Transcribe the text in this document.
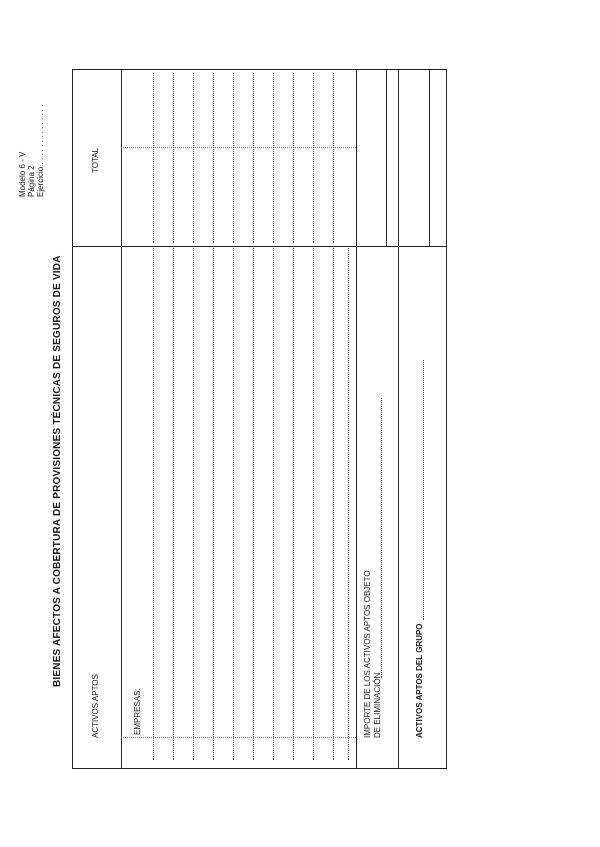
Modelo 6 - V Página 2 Ejercicio . . . . . . . . . . . . . .
BIENES AFECTOS A COBERTURA DE PROVISIONES TÉCNICAS DE SEGUROS DE VIDA
ACTIVOS APTOS
TOTAL
EMPRESAS:	IMPORTE DE LOS ACTIVOS APTOS OBJETO DE ELIMINACIÓN	ACTIVOS APTOS DEL GRUPO
